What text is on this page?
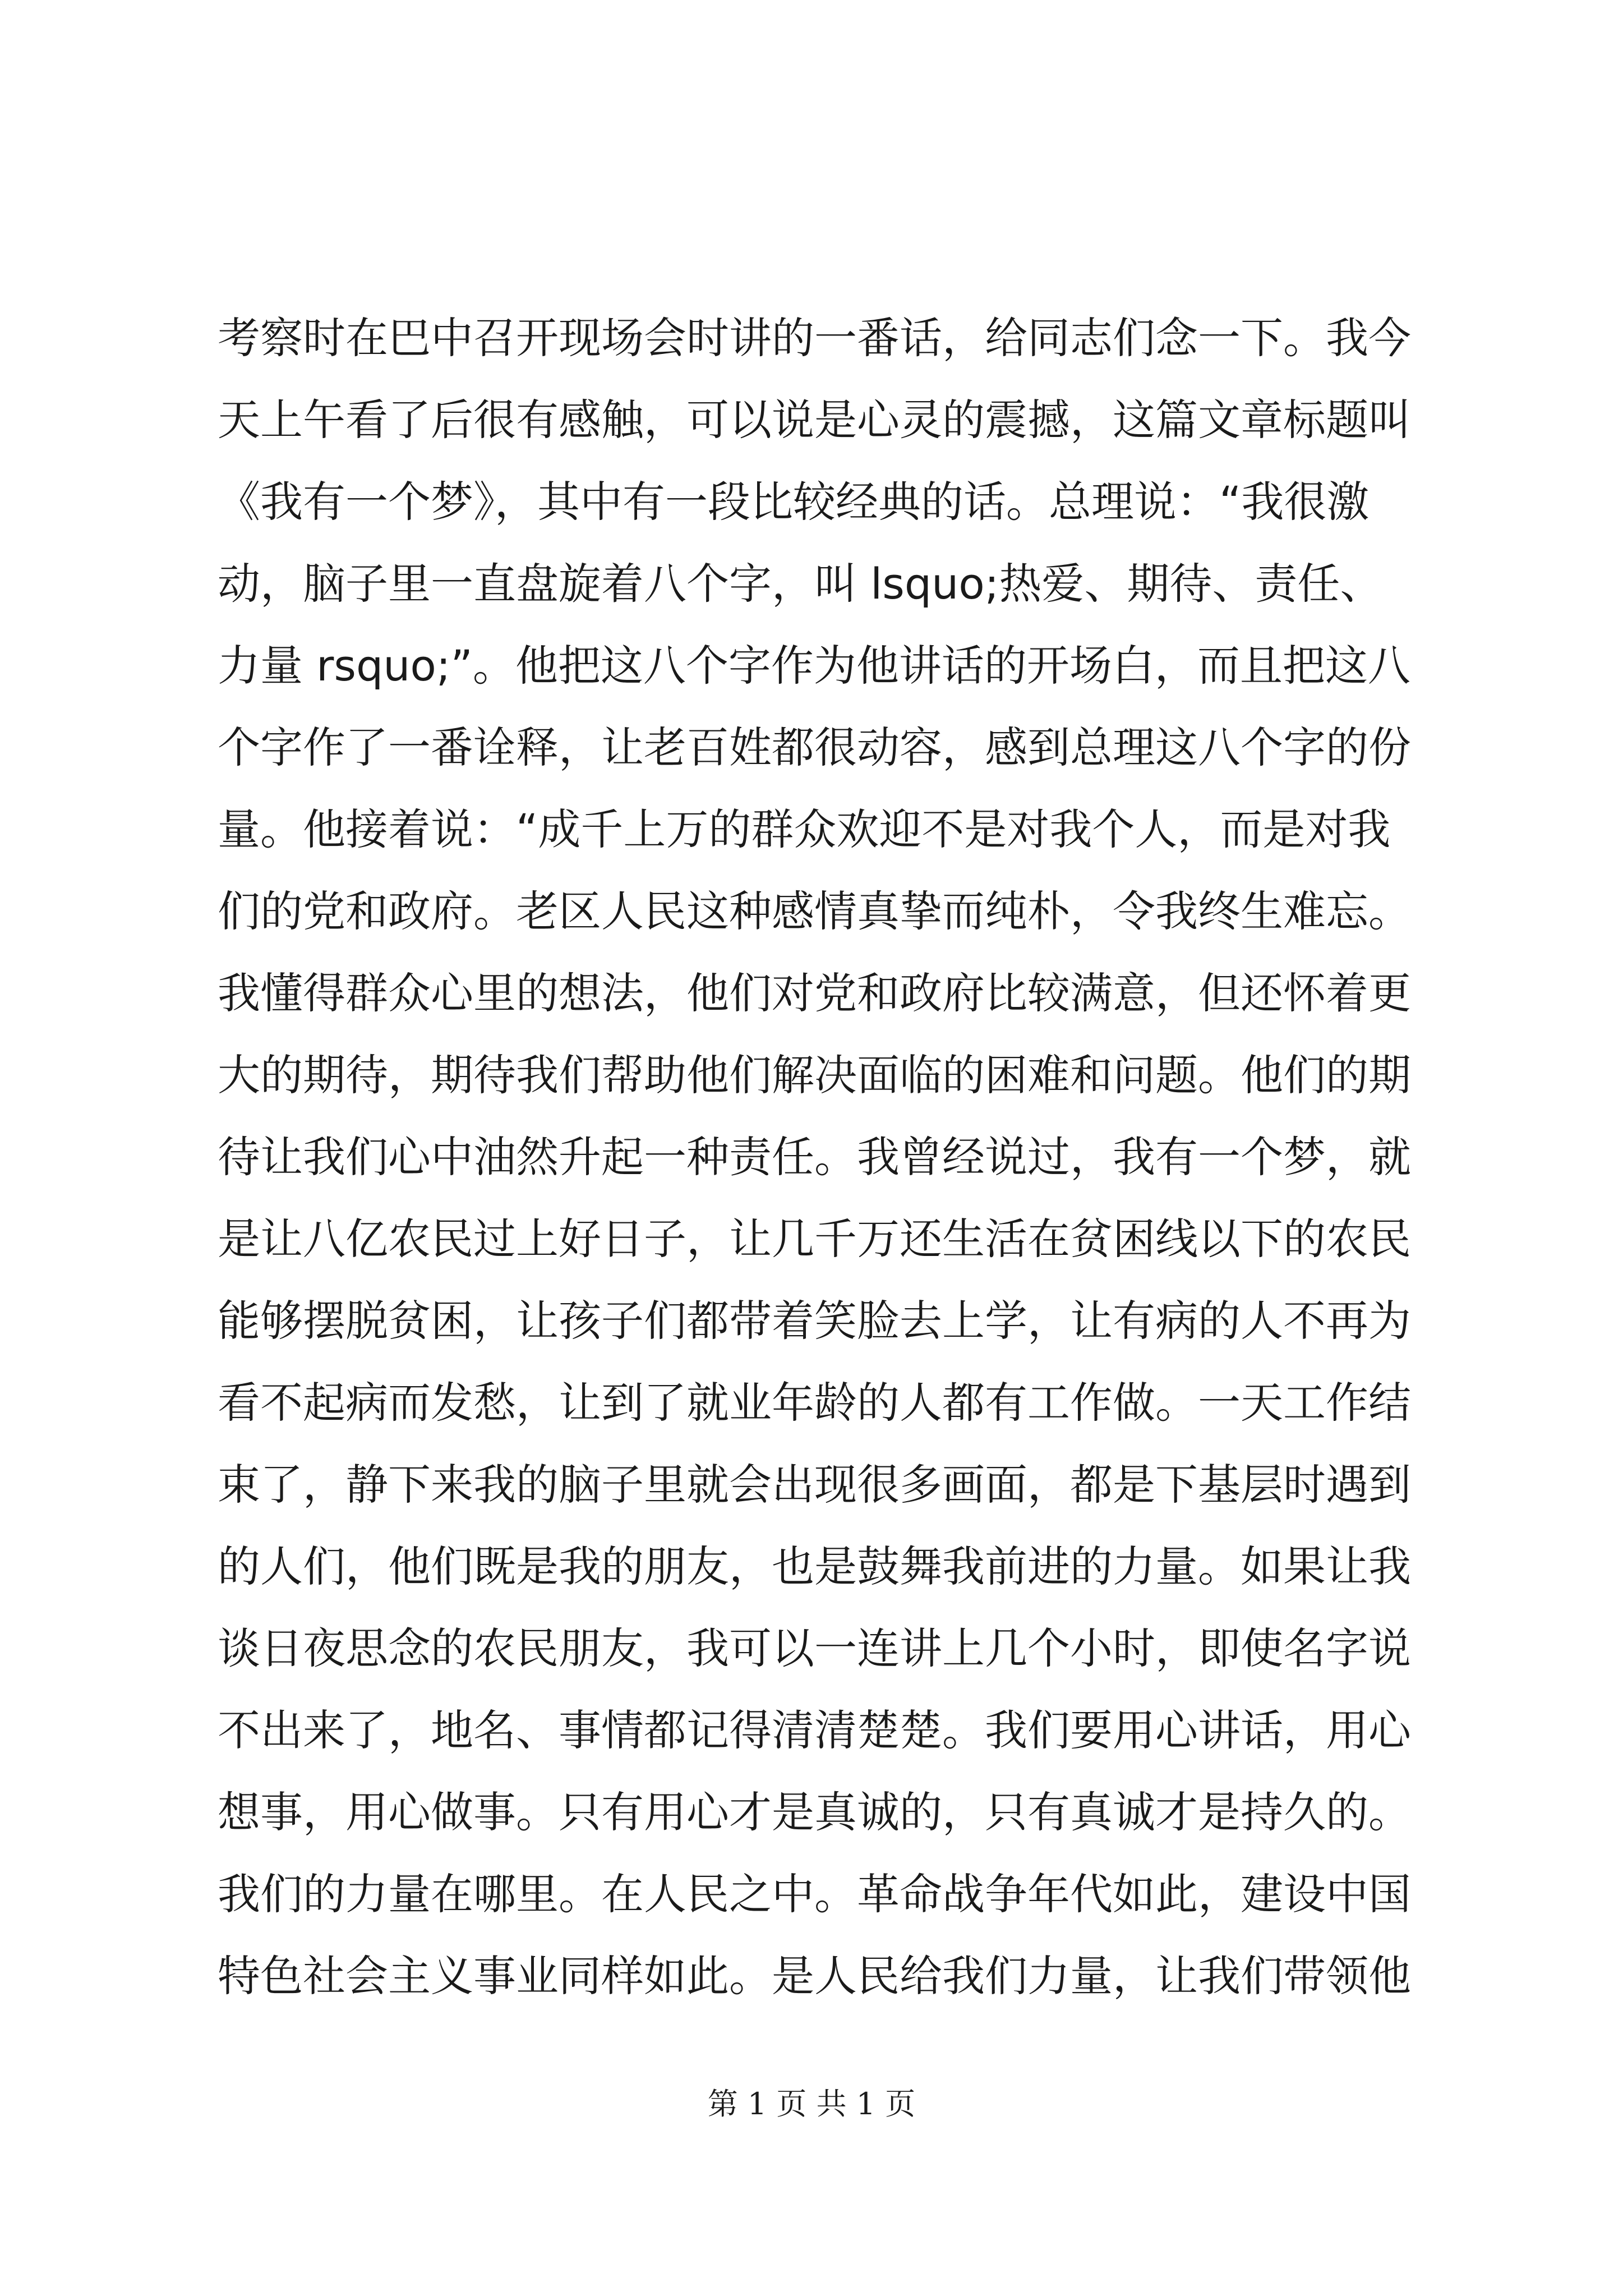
考察时在巴中召开现场会时讲的一番话，给同志们念一下。我今
天上午看了后很有感触，可以说是心灵的震撼，这篇文章标题叫
《我有一个梦》，其中有一段比较经典的话。总理说：“我很激
动，脑子里一直盘旋着八个字，叫 lsquo;热爱、期待、责任、
力量 rsquo;”。他把这八个字作为他讲话的开场白，而且把这八
个字作了一番诠释，让老百姓都很动容，感到总理这八个字的份
量。他接着说：“成千上万的群众欢迎不是对我个人，而是对我
们的党和政府。老区人民这种感情真挚而纯朴，令我终生难忘。
我懂得群众心里的想法，他们对党和政府比较满意，但还怀着更
大的期待，期待我们帮助他们解决面临的困难和问题。他们的期
待让我们心中油然升起一种责任。我曾经说过，我有一个梦，就
是让八亿农民过上好日子，让几千万还生活在贫困线以下的农民
能够摆脱贫困，让孩子们都带着笑脸去上学，让有病的人不再为
看不起病而发愁，让到了就业年龄的人都有工作做。一天工作结
束了，静下来我的脑子里就会出现很多画面，都是下基层时遇到
的人们，他们既是我的朋友，也是鼓舞我前进的力量。如果让我
谈日夜思念的农民朋友，我可以一连讲上几个小时，即使名字说
不出来了，地名、事情都记得清清楚楚。我们要用心讲话，用心
想事，用心做事。只有用心才是真诚的，只有真诚才是持久的。
我们的力量在哪里。在人民之中。革命战争年代如此，建设中国
特色社会主义事业同样如此。是人民给我们力量，让我们带领他
第 1 页 共 1 页
